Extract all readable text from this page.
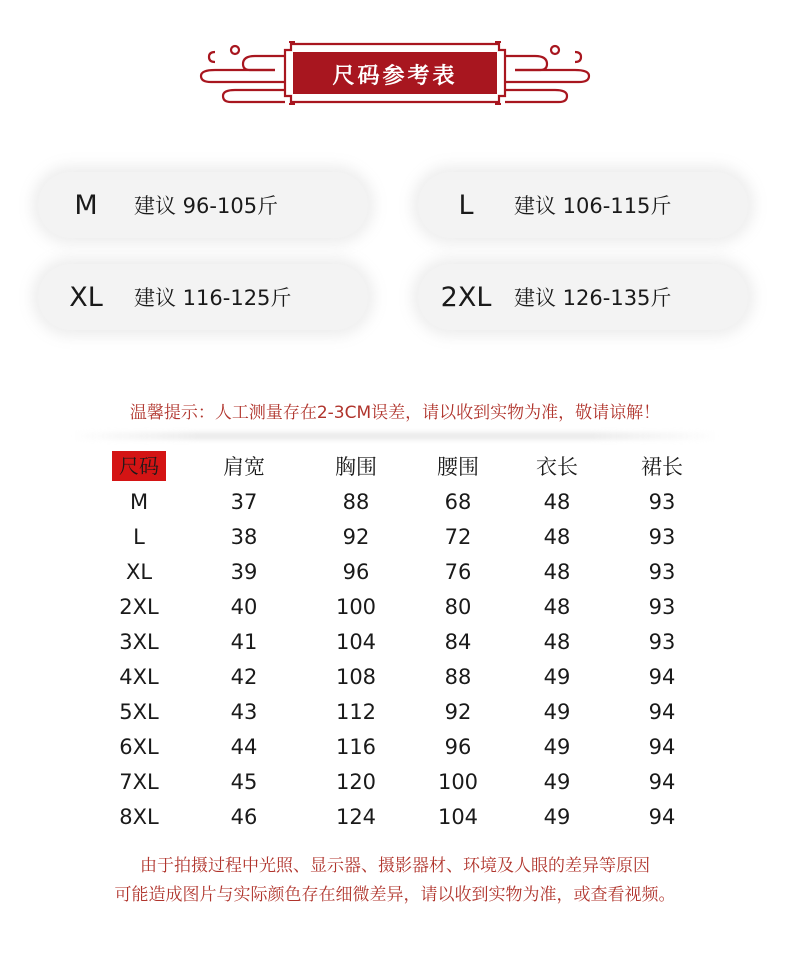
尺码参考表
M	建议 96-105斤	L	建议 106-115斤
XL	建议 116-125斤	2XL	建议 126-135斤
温馨提示：人工测量存在2-3CM误差，请以收到实物为准，敬请谅解！
尺码	肩宽	胸围	腰围	衣长	裙长
M	37	88	68	48	93
L	38	92	72	48	93
XL	39	96	76	48	93
2XL	40	100	80	48	93
3XL	41	104	84	48	93
4XL	42	108	88	49	94
5XL	43	112	92	49	94
6XL	44	116	96	49	94
7XL	45	120	100	49	94
8XL	46	124	104	49	94
由于拍摄过程中光照、显示器、摄影器材、环境及人眼的差异等原因
可能造成图片与实际颜色存在细微差异，请以收到实物为准，或查看视频。
